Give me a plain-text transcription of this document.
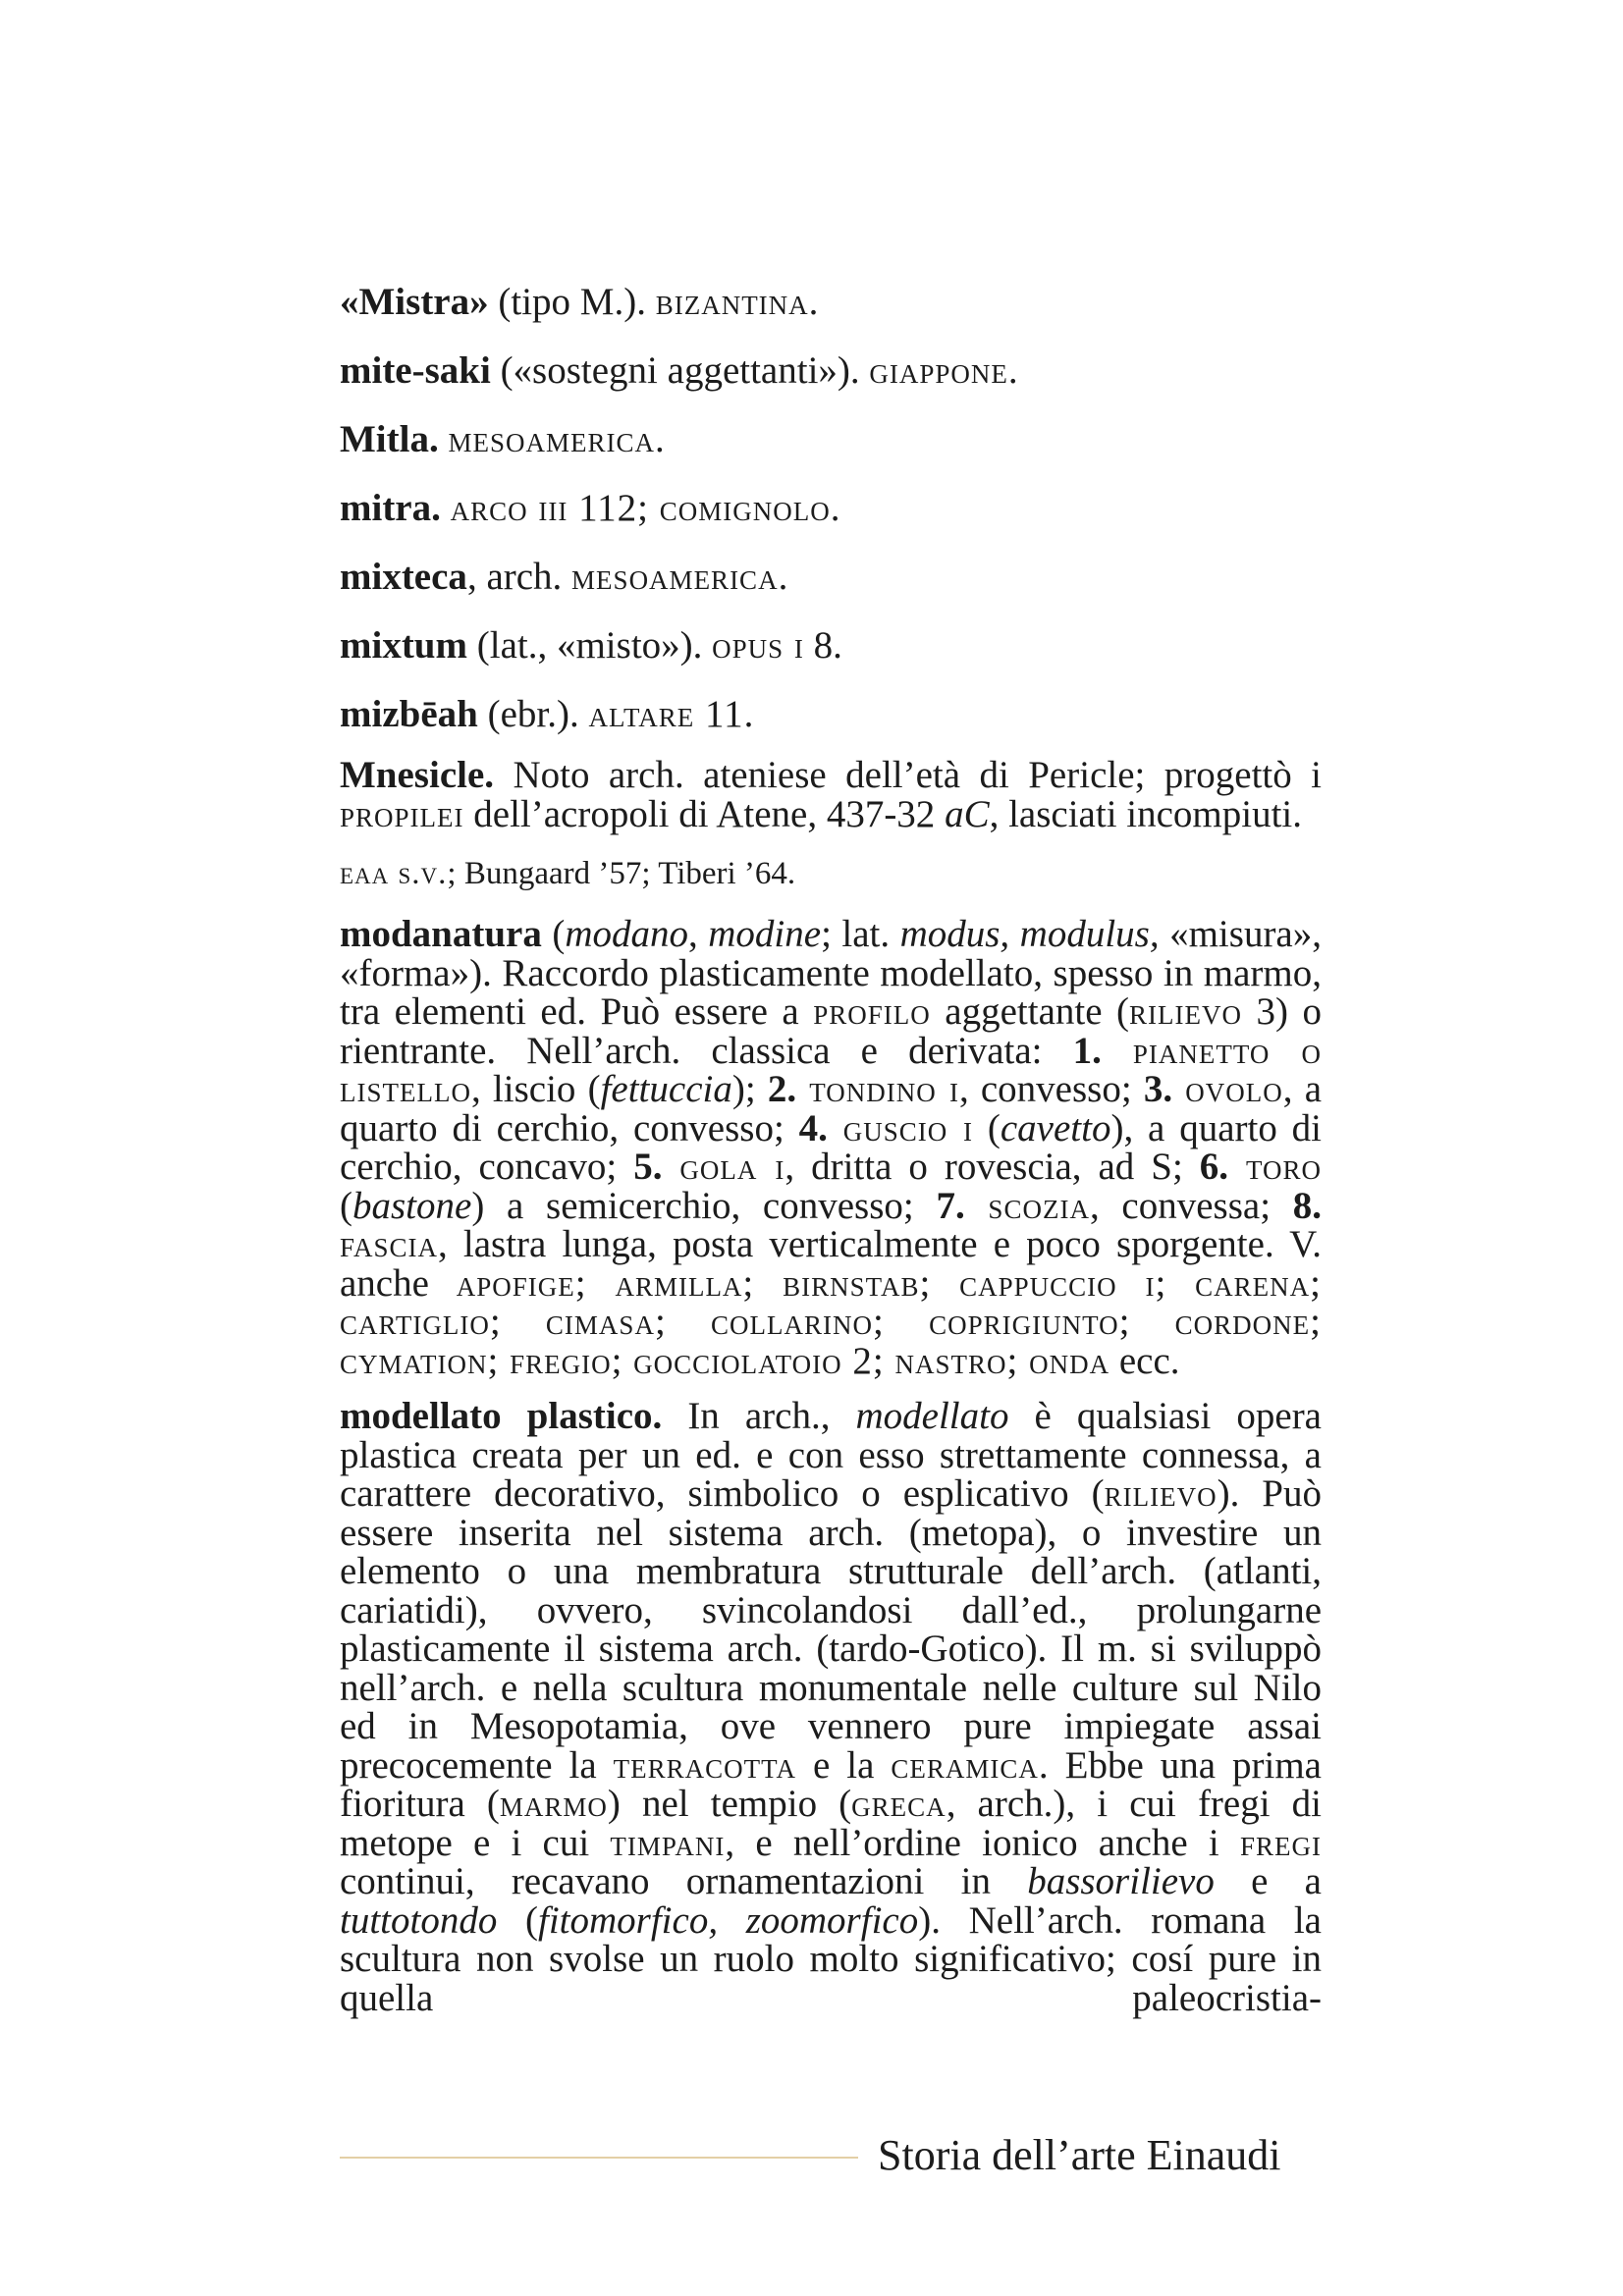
«Mistra» (tipo M.). bizantina.
mite-saki («sostegni aggettanti»). giappone.
Mitla. mesoamerica.
mitra. arco iii 112; comignolo.
mixteca, arch. mesoamerica.
mixtum (lat., «misto»). opus i 8.
mizbēah (ebr.). altare 11.
Mnesicle. Noto arch. ateniese dell’età di Pericle; progettò i propilei dell’acropoli di Atene, 437-32 aC, lasciati incompiuti.
eaa s.v.; Bungaard ’57; Tiberi ’64.
modanatura (modano, modine; lat. modus, modulus, «misura», «forma»). Raccordo plasticamente modellato, spesso in marmo, tra elementi ed. Può essere a profilo aggettante (rilievo 3) o rientrante. Nell’arch. classica e derivata: 1. pianetto o listello, liscio (fettuccia); 2. tondino i, convesso; 3. ovolo, a quarto di cerchio, convesso; 4. guscio i (cavetto), a quarto di cerchio, concavo; 5. gola i, dritta o rovescia, ad S; 6. toro (bastone) a semicerchio, convesso; 7. scozia, convessa; 8. fascia, lastra lunga, posta verticalmente e poco sporgente. V. anche apofige; armilla; birnstab; cappuccio i; carena; cartiglio; cimasa; collarino; coprigiunto; cordone; cymation; fregio; gocciolatoio 2; nastro; onda ecc.
modellato plastico. In arch., modellato è qualsiasi opera plastica creata per un ed. e con esso strettamente connessa, a carattere decorativo, simbolico o esplicativo (rilievo). Può essere inserita nel sistema arch. (metopa), o investire un elemento o una membratura strutturale dell’arch. (atlanti, cariatidi), ovvero, svincolandosi dall’ed., prolungarne plasticamente il sistema arch. (tardo-Gotico). Il m. si sviluppò nell’arch. e nella scultura monumentale nelle culture sul Nilo ed in Mesopotamia, ove vennero pure impiegate assai precocemente la terracotta e la ceramica. Ebbe una prima fioritura (marmo) nel tempio (greca, arch.), i cui fregi di metope e i cui timpani, e nell’ordine ionico anche i fregi continui, recavano ornamentazioni in bassorilievo e a tuttotondo (fitomorfico, zoomorfico). Nell’arch. romana la scultura non svolse un ruolo molto significativo; cosí pure in quella paleocristia-
Storia dell’arte Einaudi
